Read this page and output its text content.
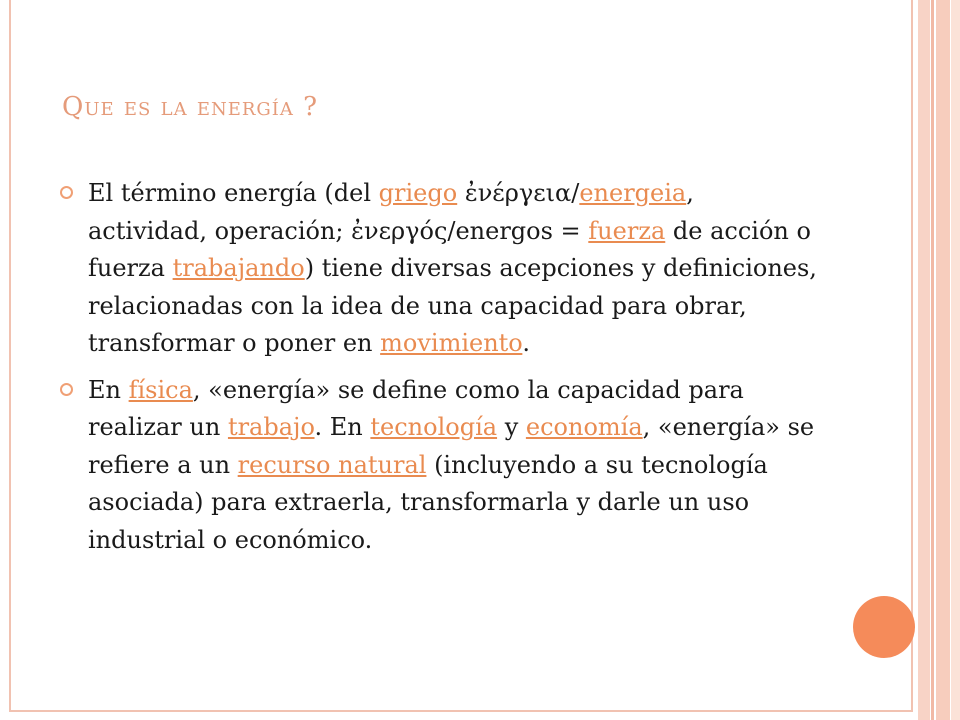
Que es la energía ?
El término energía (del griego ἐνέργεια/energeia, actividad, operación; ἐνεργός/energos = fuerza de acción o fuerza trabajando) tiene diversas acepciones y definiciones, relacionadas con la idea de una capacidad para obrar, transformar o poner en movimiento.
En física, «energía» se define como la capacidad para realizar un trabajo. En tecnología y economía, «energía» se refiere a un recurso natural (incluyendo a su tecnología asociada) para extraerla, transformarla y darle un uso industrial o económico.
